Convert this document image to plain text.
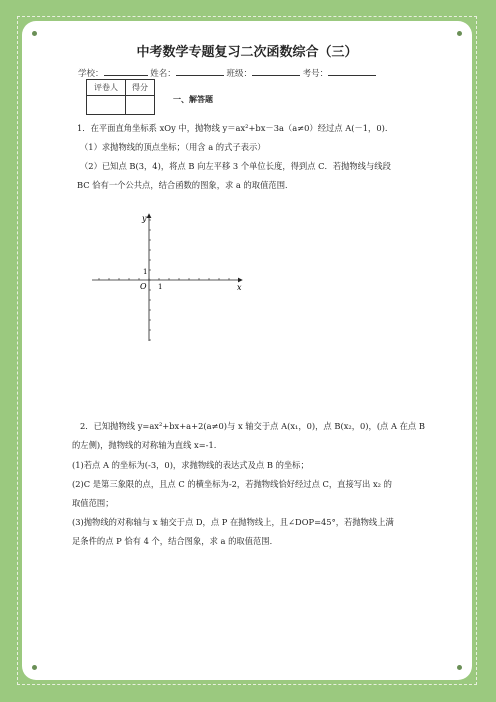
中考数学专题复习二次函数综合（三）
学校：	姓名：	班级：	考号：
评卷人	得分

一、解答题
1．在平面直角坐标系 xOy 中，抛物线 y＝ax²+bx－3a（a≠0）经过点 A(－1，0).
（1）求抛物线的顶点坐标；（用含 a 的式子表示）
（2）已知点 B(3，4)，将点 B 向左平移 3 个单位长度，得到点 C．若抛物线与线段
BC 恰有一个公共点，结合函数的图象，求 a 的取值范围．
y
x
O 1
1
2．已知抛物线 y=ax²+bx+a+2(a≠0)与 x 轴交于点 A(x₁，0)，点 B(x₂，0)，(点 A 在点 B
的左侧)，抛物线的对称轴为直线 x=-1.
(1)若点 A 的坐标为(-3，0)，求抛物线的表达式及点 B 的坐标；
(2)C 是第三象限的点，且点 C 的横坐标为-2，若抛物线恰好经过点 C，直接写出 x₂ 的
取值范围；
(3)抛物线的对称轴与 x 轴交于点 D，点 P 在抛物线上，且∠DOP=45°，若抛物线上满
足条件的点 P 恰有 4 个，结合图象，求 a 的取值范围．
